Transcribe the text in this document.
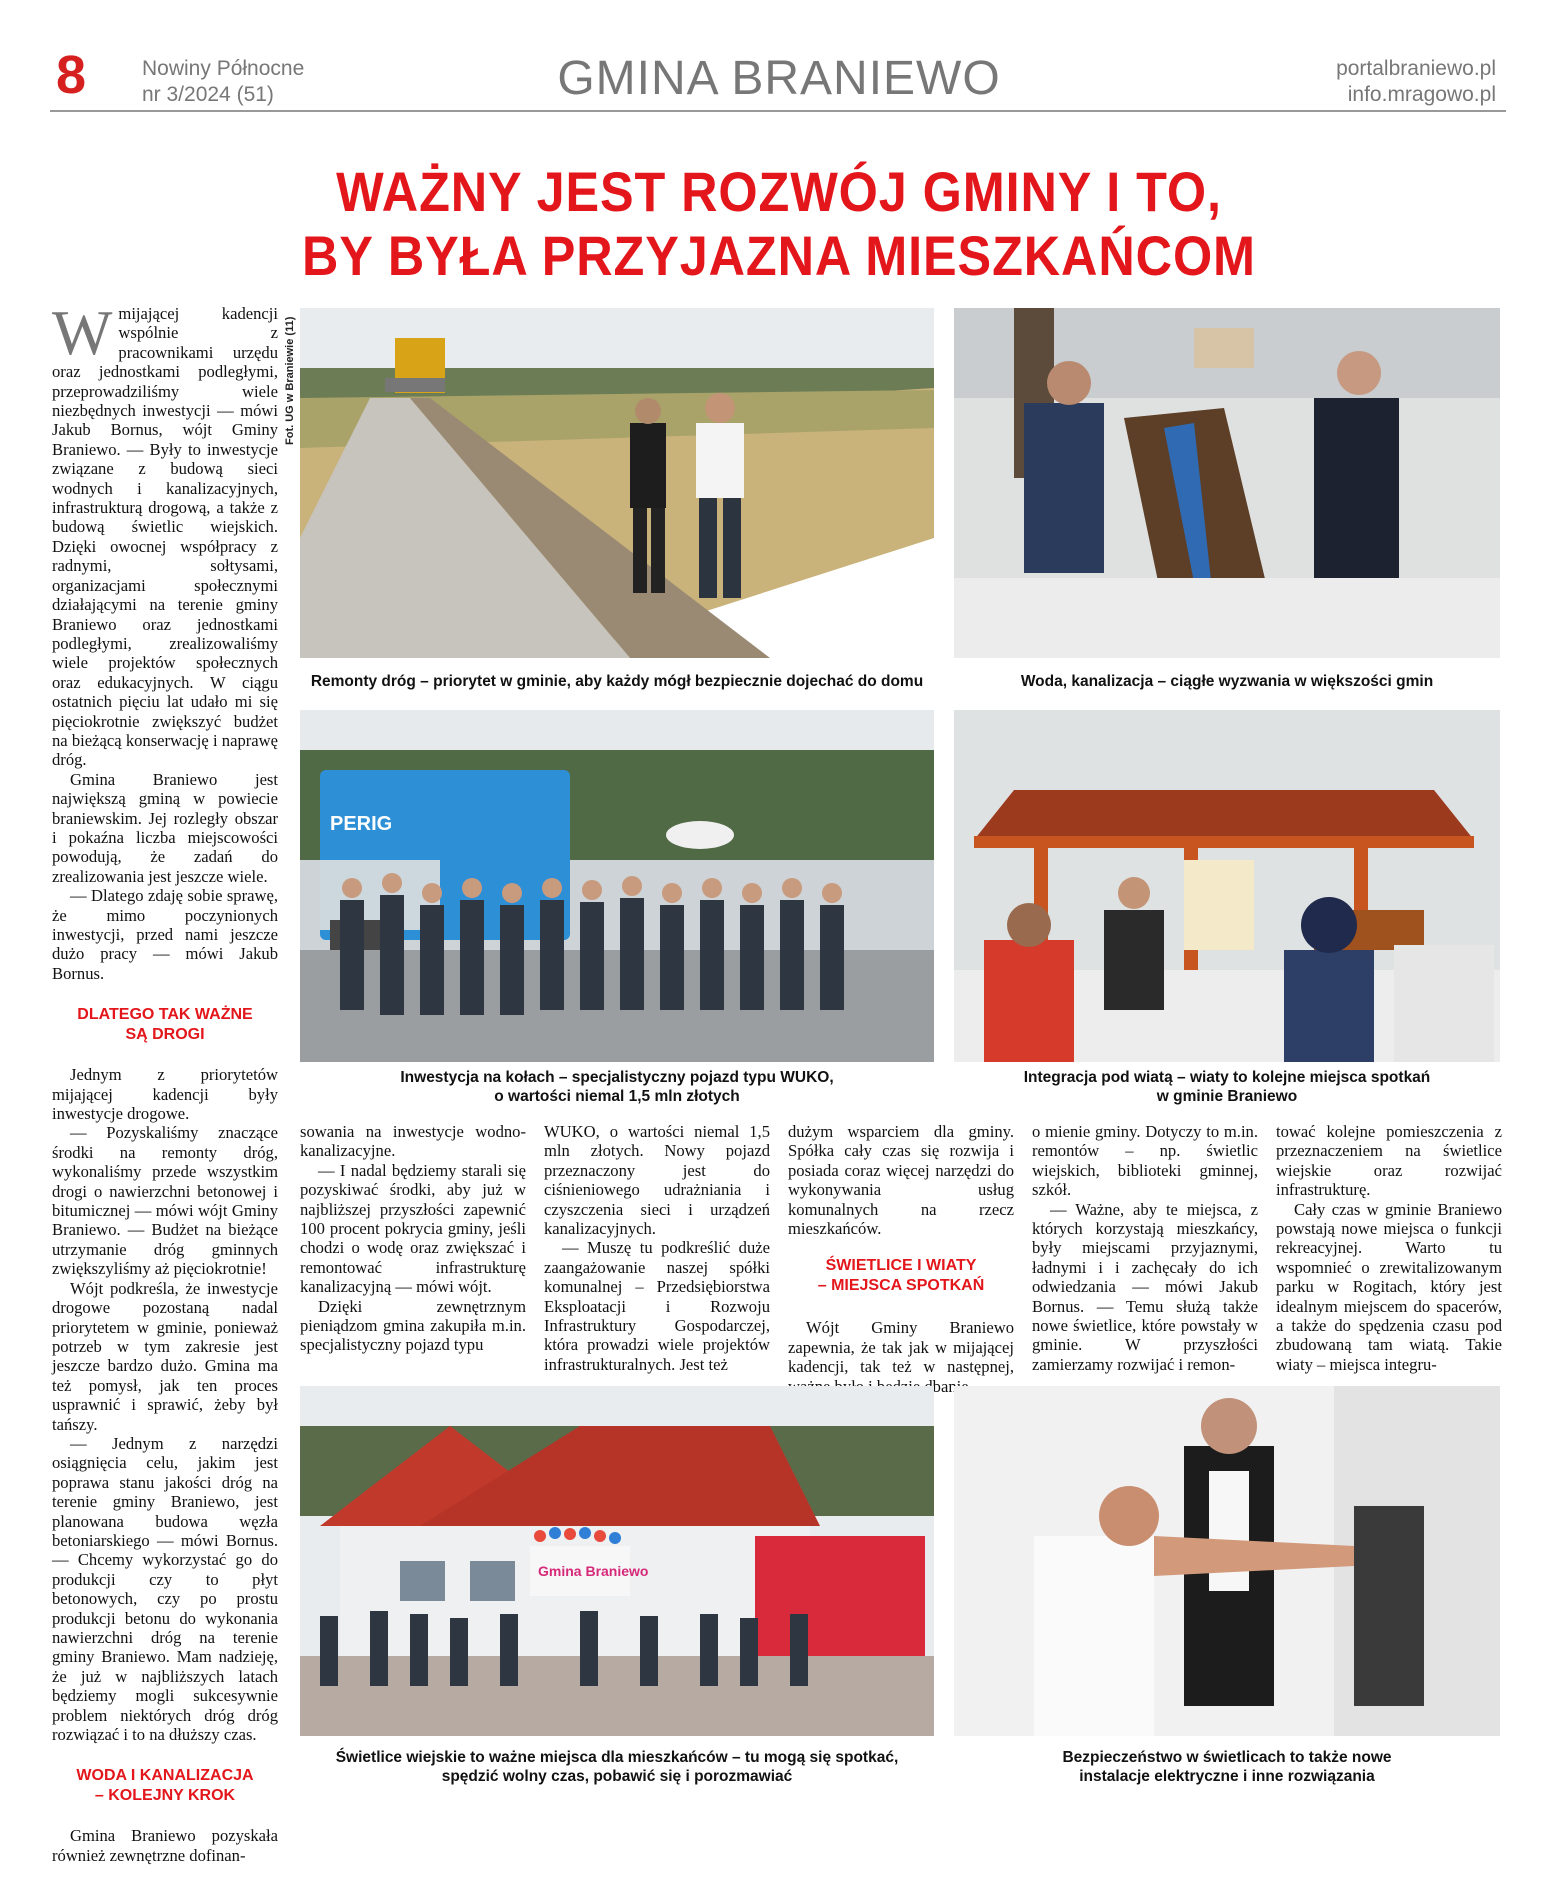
8	Nowiny Północne
nr 3/2024 (51)	GMINA BRANIEWO	portalbraniewo.pl
info.mragowo.pl
WAŻNY JEST ROZWÓJ GMINY I TO,
BY BYŁA PRZYJAZNA MIESZKAŃCOM

Wmijającej kadencji wspólnie z pracownikami urzędu oraz jednostkami podległymi, przeprowadziliśmy wiele niezbędnych inwestycji — mówi Jakub Bornus, wójt Gminy Braniewo. — Były to inwestycje związane z budową sieci wodnych i kanalizacyjnych, infrastrukturą drogową, a także z budową świetlic wiejskich. Dzięki owocnej współpracy z radnymi, sołtysami, organizacjami społecznymi działającymi na terenie gminy Braniewo oraz jednostkami podległymi, zrealizowaliśmy wiele projektów społecznych oraz edukacyjnych. W ciągu ostatnich pięciu lat udało mi się pięciokrotnie zwiększyć budżet na bieżącą konserwację i naprawę dróg.

Gmina Braniewo jest największą gminą w powiecie braniewskim. Jej rozległy obszar i pokaźna liczba miejscowości powodują, że zadań do zrealizowania jest jeszcze wiele.

— Dlatego zdaję sobie sprawę, że mimo poczynionych inwestycji, przed nami jeszcze dużo pracy — mówi Jakub Bornus.

DLATEGO TAK WAŻNE
SĄ DROGI

Jednym z priorytetów mijającej kadencji były inwestycje drogowe.

— Pozyskaliśmy znaczące środki na remonty dróg, wykonaliśmy przede wszystkim drogi o nawierzchni betonowej i bitumicznej — mówi wójt Gminy Braniewo. — Budżet na bieżące utrzymanie dróg gminnych zwiększyliśmy aż pięciokrotnie!

Wójt podkreśla, że inwestycje drogowe pozostaną nadal priorytetem w gminie, ponieważ potrzeb w tym zakresie jest jeszcze bardzo dużo. Gmina ma też pomysł, jak ten proces usprawnić i sprawić, żeby był tańszy.

— Jednym z narzędzi osiągnięcia celu, jakim jest poprawa stanu jakości dróg na terenie gminy Braniewo, jest planowana budowa węzła betoniarskiego — mówi Bornus. — Chcemy wykorzystać go do produkcji czy to płyt betonowych, czy po prostu produkcji betonu do wykonania nawierzchni dróg na terenie gminy Braniewo. Mam nadzieję, że już w najbliższych latach będziemy mogli sukcesywnie problem niektórych dróg dróg rozwiązać i to na dłuższy czas.

WODA I KANALIZACJA
– KOLEJNY KROK

Gmina Braniewo pozyskała również zewnętrzne dofinan-

Fot. UG w Braniewie (11)
Remonty dróg – priorytet w gminie, aby każdy mógł bezpiecznie dojechać do domu	Woda, kanalizacja – ciągłe wyzwania w większości gmin
PERIG
Inwestycja na kołach – specjalistyczny pojazd typu WUKO,
o wartości niemal 1,5 mln złotych
Integracja pod wiatą – wiaty to kolejne miejsca spotkań
w gminie Braniewo

sowania na inwestycje wodno-kanalizacyjne.

— I nadal będziemy starali się pozyskiwać środki, aby już w najbliższej przyszłości zapewnić 100 procent pokrycia gminy, jeśli chodzi o wodę oraz zwiększać i remontować infrastrukturę kanalizacyjną — mówi wójt.

Dzięki zewnętrznym pieniądzom gmina zakupiła m.in. specjalistyczny pojazd typu

WUKO, o wartości niemal 1,5 mln złotych. Nowy pojazd przeznaczony jest do ciśnieniowego udrażniania i czyszczenia sieci i urządzeń kanalizacyjnych.

— Muszę tu podkreślić duże zaangażowanie naszej spółki komunalnej – Przedsiębiorstwa Eksploatacji i Rozwoju Infrastruktury Gospodarczej, która prowadzi wiele projektów infrastrukturalnych. Jest też

dużym wsparciem dla gminy. Spółka cały czas się rozwija i posiada coraz więcej narzędzi do wykonywania usług komunalnych na rzecz mieszkańców.

ŚWIETLICE I WIATY
– MIEJSCA SPOTKAŃ

Wójt Gminy Braniewo zapewnia, że tak jak w mijającej kadencji, tak też w następnej, dbanie

o mienie gminy. Dotyczy to m.in. remontów – np. świetlic wiejskich, biblioteki gminnej, szkół.

— Ważne, aby te miejsca, z których korzystają mieszkańcy, były miejscami przyjaznymi, ładnymi i i zachęcały do ich odwiedzania — mówi Jakub Bornus. — Temu służą także nowe świetlice, które powstały w gminie. W przyszłości zamierzamy rozwijać i remon-

tować kolejne pomieszczenia z przeznaczeniem na świetlice wiejskie oraz rozwijać infrastrukturę.

Cały czas w gminie Braniewo powstają nowe miejsca o funkcji rekreacyjnej. Warto tu wspomnieć o zrewitalizowanym parku w Rogitach, który jest idealnym miejscem do spacerów, a także do spędzenia czasu pod zbudowaną tam wiatą. Takie wiaty – miejsca integru-

Gmina Braniewo
Świetlice wiejskie to ważne miejsca dla mieszkańców – tu mogą się spotkać,
spędzić wolny czas, pobawić się i porozmawiać
Bezpieczeństwo w świetlicach to także nowe
instalacje elektryczne i inne rozwiązania
